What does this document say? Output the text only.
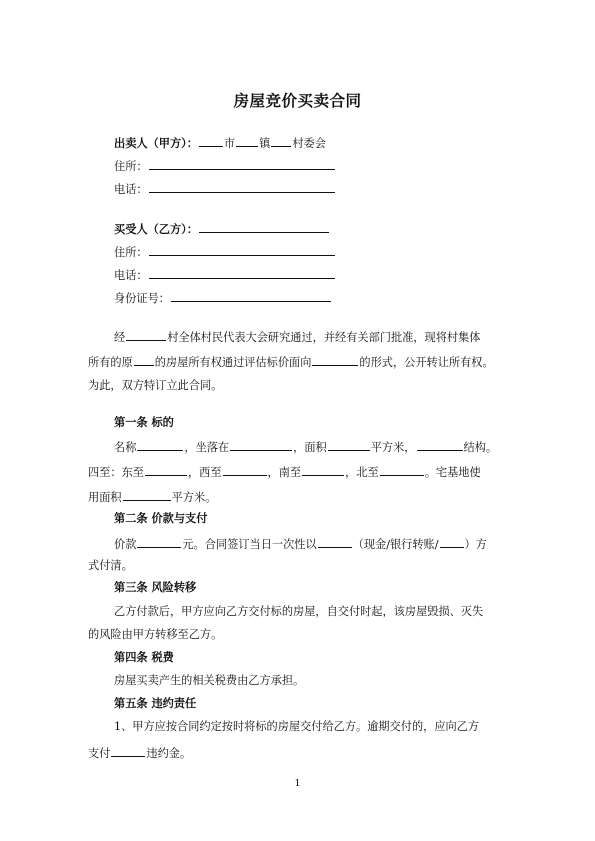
房屋竞价买卖合同
出卖人（甲方）： 市 镇 村委会
住所：
电话：
买受人（乙方）：
住所：
电话：
身份证号：
经	村全体村民代表大会研究通过，并经有关部门批准，现将村集体
所有的原 的房屋所有权通过评估标价面向	的形式，公开转让所有权。
为此，双方特订立此合同。
第一条 标的
名称	，坐落在	，面积	平方米，	结构。
四至：东至	，西至	，南至	，北至	。宅基地使
用面积	平方米。
第二条 价款与支付
价款	元。合同签订当日一次性以	（现金/银行转账/ ）方
式付清。
第三条 风险转移
乙方付款后，甲方应向乙方交付标的房屋，自交付时起，该房屋毁损、灭失
的风险由甲方转移至乙方。
第四条 税费
房屋买卖产生的相关税费由乙方承担。
第五条 违约责任
1、甲方应按合同约定按时将标的房屋交付给乙方。逾期交付的，应向乙方
支付	违约金。
1
